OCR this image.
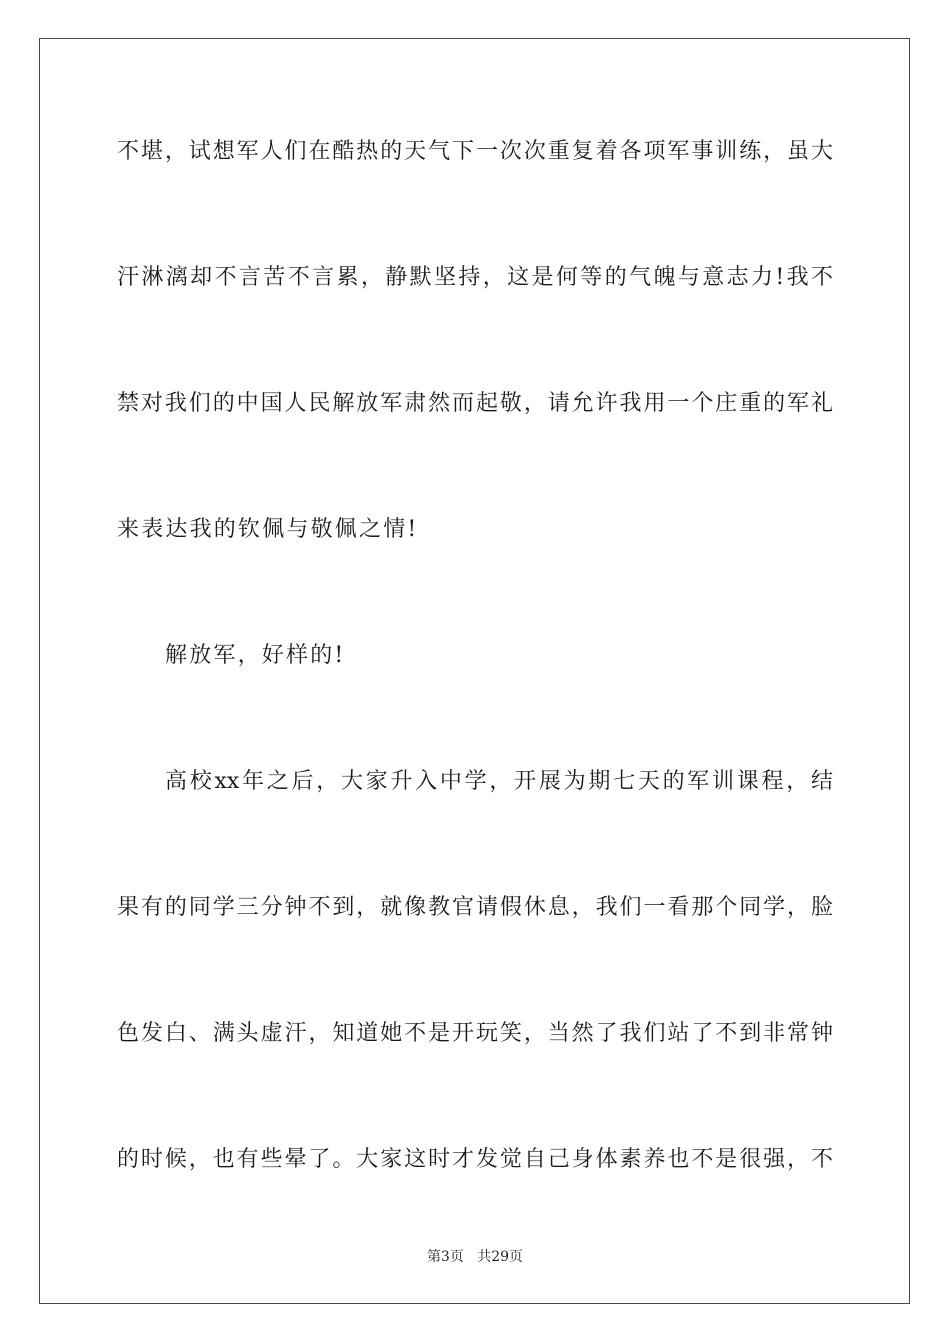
不堪，试想军人们在酷热的天气下一次次重复着各项军事训练，虽大
汗淋漓却不言苦不言累，静默坚持，这是何等的气魄与意志力!我不
禁对我们的中国人民解放军肃然而起敬，请允许我用一个庄重的军礼
来表达我的钦佩与敬佩之情!
解放军，好样的!
高校xx年之后，大家升入中学，开展为期七天的军训课程，结
果有的同学三分钟不到，就像教官请假休息，我们一看那个同学，脸
色发白、满头虚汗，知道她不是开玩笑，当然了我们站了不到非常钟
的时候，也有些晕了。大家这时才发觉自己身体素养也不是很强，不
第3页 共29页
